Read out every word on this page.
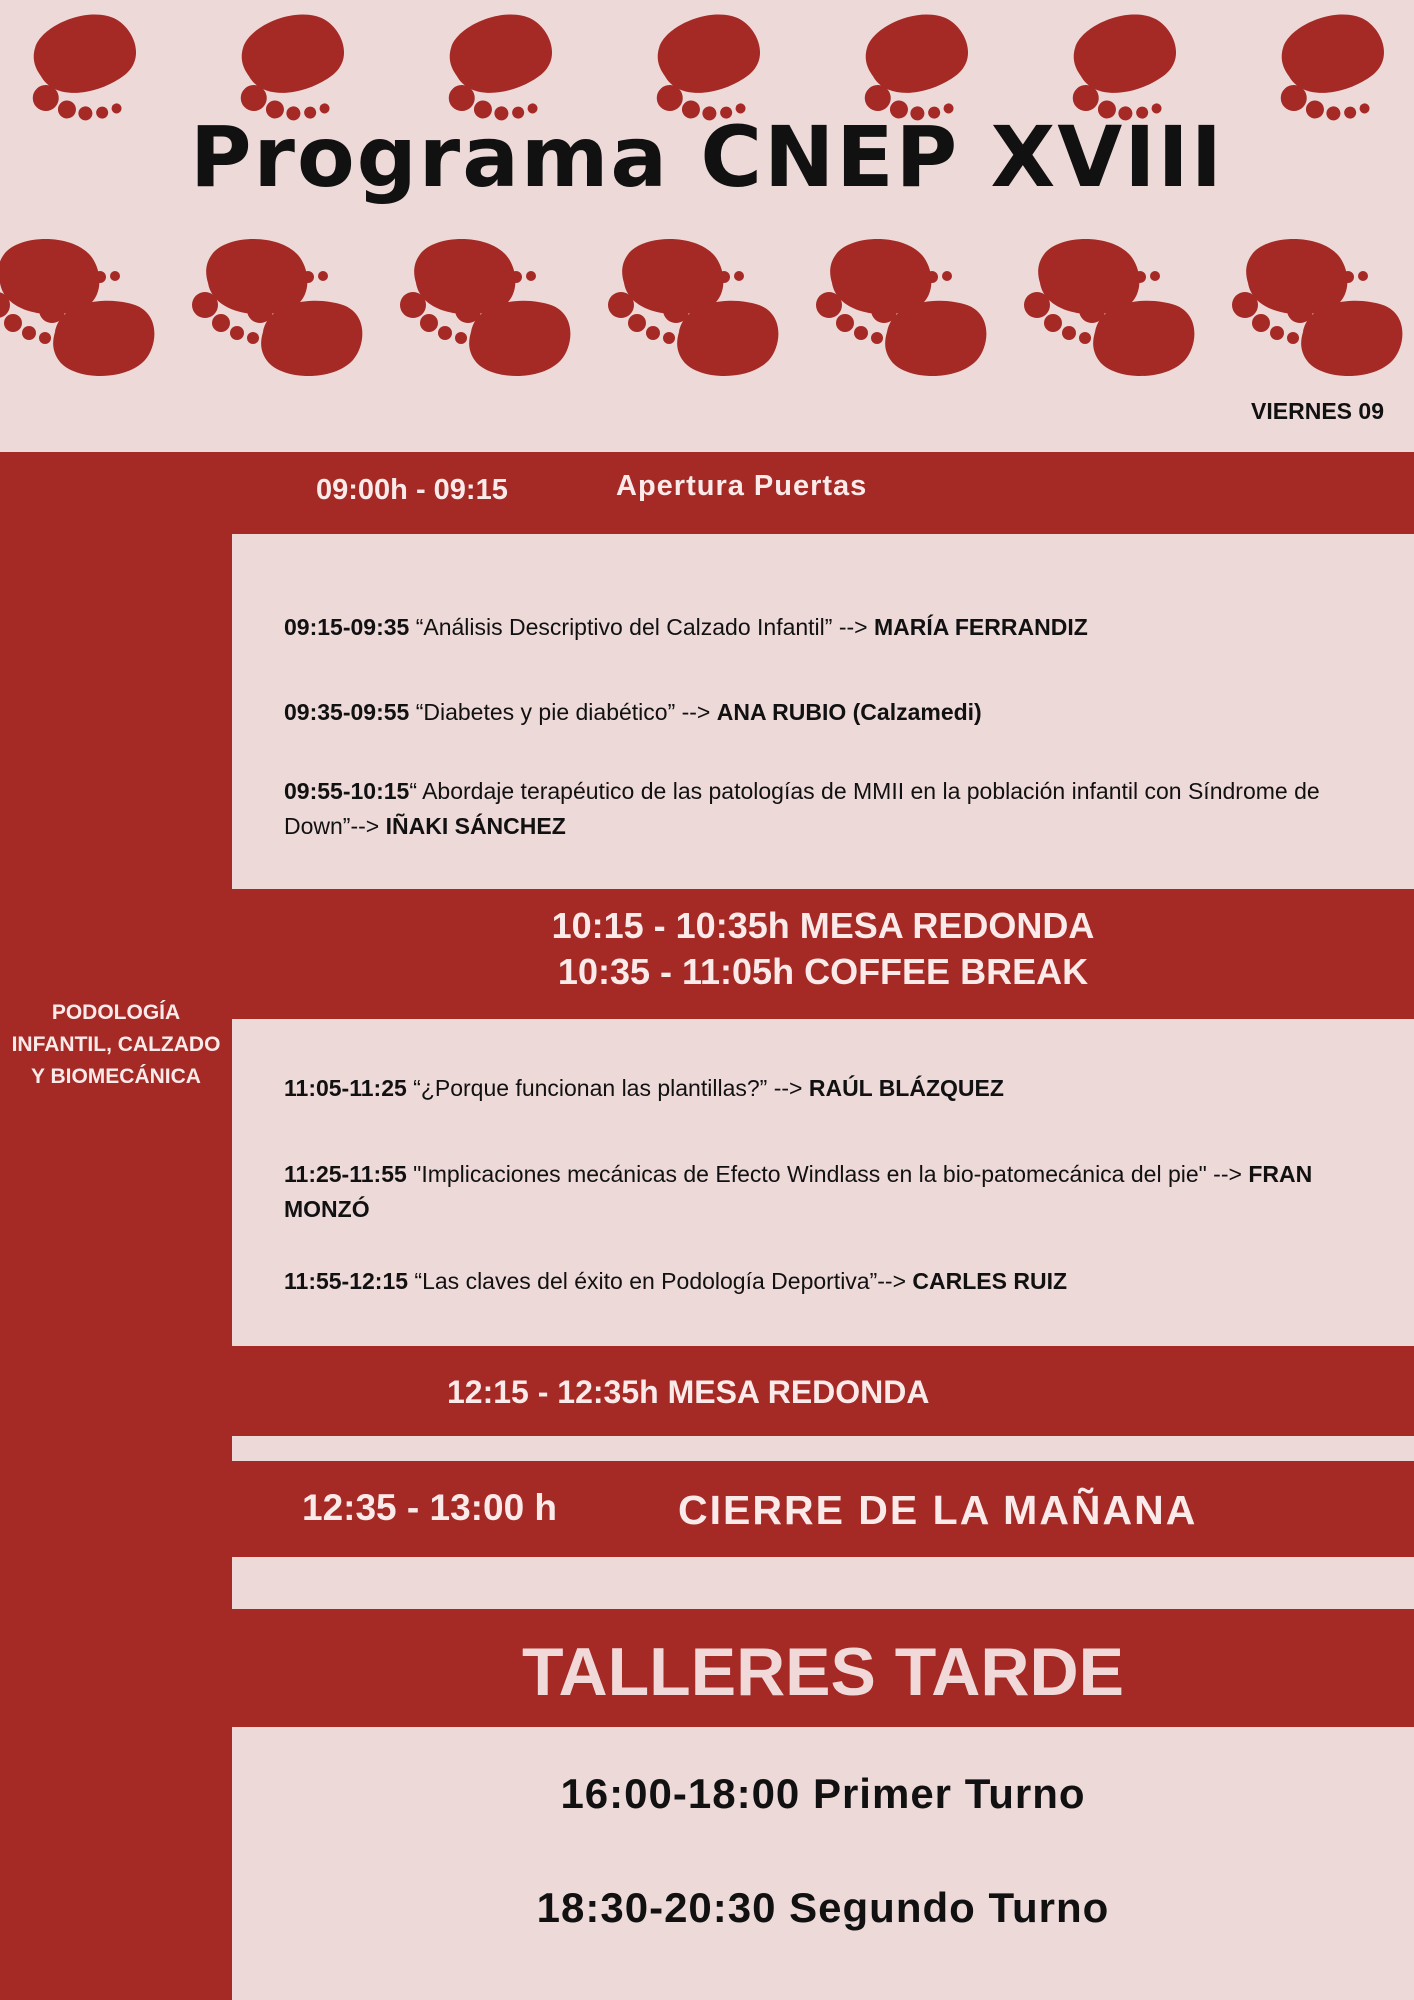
Programa CNEP XVIII
VIERNES 09
PODOLOGÍA
INFANTIL, CALZADO
Y BIOMECÁNICA
09:00h - 09:15	Apertura Puertas
09:15-09:35 “Análisis Descriptivo del Calzado Infantil” --> MARÍA FERRANDIZ
09:35-09:55 “Diabetes y pie diabético” --> ANA RUBIO (Calzamedi)
09:55-10:15“ Abordaje terapéutico de las patologías de MMII en la población infantil con Síndrome de Down”--> IÑAKI SÁNCHEZ
10:15 - 10:35h MESA REDONDA
10:35 - 11:05h COFFEE BREAK
11:05-11:25 “¿Porque funcionan las plantillas?” --> RAÚL BLÁZQUEZ
11:25-11:55 "Implicaciones mecánicas de Efecto Windlass en la bio-patomecánica del pie" --> FRAN MONZÓ
11:55-12:15 “Las claves del éxito en Podología Deportiva”--> CARLES RUIZ
12:15 - 12:35h MESA REDONDA
12:35 - 13:00 h	CIERRE DE LA MAÑANA
TALLERES TARDE
16:00-18:00 Primer Turno
18:30-20:30 Segundo Turno
